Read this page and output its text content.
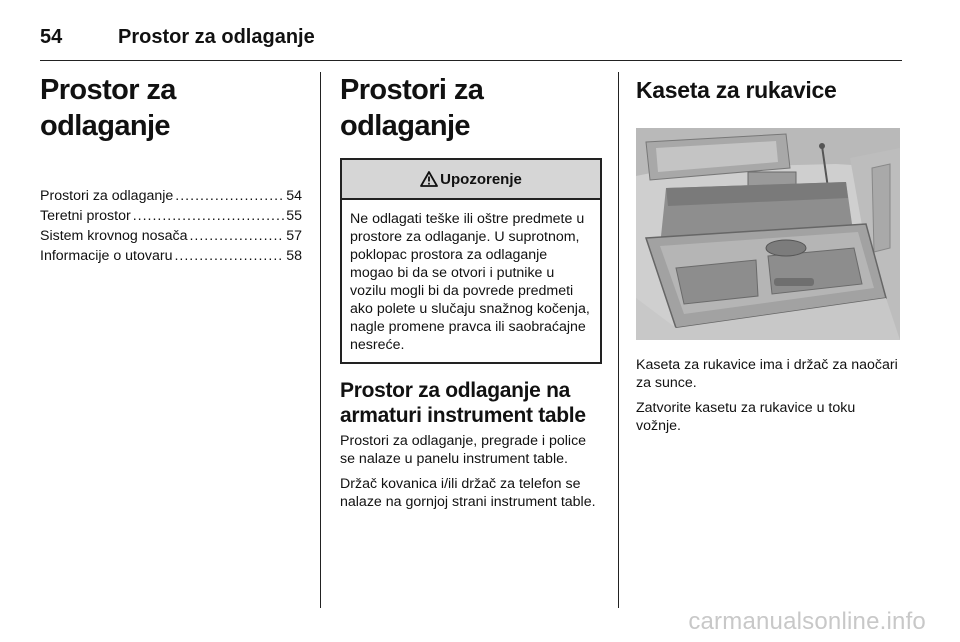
54	Prostor za odlaganje
Prostor za odlaganje
Prostori za odlaganje .....	54
Teretni prostor .....	55
Sistem krovnog nosača .....	57
Informacije o utovaru .....	58
Prostori za odlaganje
Upozorenje
Ne odlagati teške ili oštre predmete u prostore za odlaganje. U suprotnom, poklopac prostora za odlaganje mogao bi da se otvori i putnike u vozilu mogli bi da povrede predmeti ako polete u slučaju snažnog kočenja, nagle promene pravca ili saobraćajne nesreće.
Prostor za odlaganje na armaturi instrument table

Prostori za odlaganje, pregrade i police se nalaze u panelu instrument table.

Držač kovanica i/ili držač za telefon se nalaze na gornjoj strani instrument table.

Kaseta za rukavice

Kaseta za rukavice ima i držač za naočari za sunce.

Zatvorite kasetu za rukavice u toku vožnje.

carmanualsonline.info
